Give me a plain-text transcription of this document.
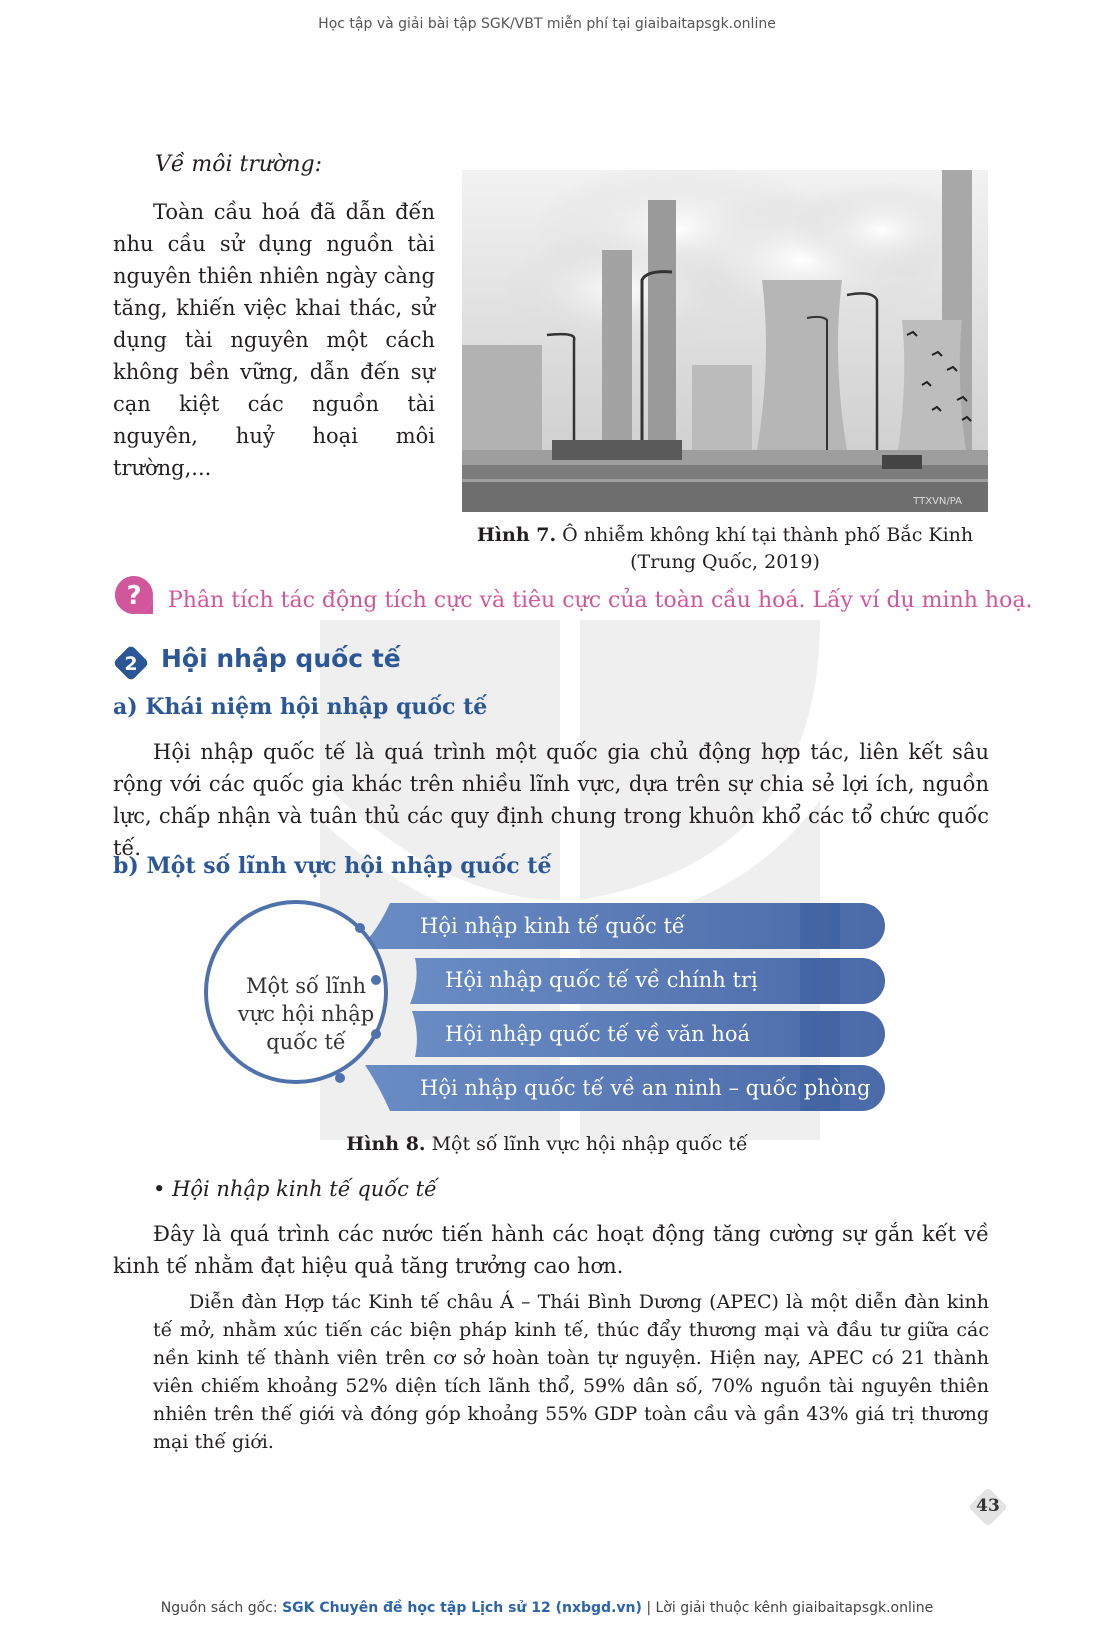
Học tập và giải bài tập SGK/VBT miễn phí tại giaibaitapsgk.online
Về môi trường:
Toàn cầu hoá đã dẫn đến nhu cầu sử dụng nguồn tài nguyên thiên nhiên ngày càng tăng, khiến việc khai thác, sử dụng tài nguyên một cách không bền vững, dẫn đến sự cạn kiệt các nguồn tài nguyên, huỷ hoại môi trường,...
TTXVN/PA
Hình 7. Ô nhiễm không khí tại thành phố Bắc Kinh (Trung Quốc, 2019)
? Phân tích tác động tích cực và tiêu cực của toàn cầu hoá. Lấy ví dụ minh hoạ.
2 Hội nhập quốc tế
a) Khái niệm hội nhập quốc tế
Hội nhập quốc tế là quá trình một quốc gia chủ động hợp tác, liên kết sâu rộng với các quốc gia khác trên nhiều lĩnh vực, dựa trên sự chia sẻ lợi ích, nguồn lực, chấp nhận và tuân thủ các quy định chung trong khuôn khổ các tổ chức quốc tế.
b) Một số lĩnh vực hội nhập quốc tế
Một số lĩnh
vực hội nhập
quốc tế
Hội nhập kinh tế quốc tế
Hội nhập quốc tế về chính trị
Hội nhập quốc tế về văn hoá
Hội nhập quốc tế về an ninh – quốc phòng
Hình 8. Một số lĩnh vực hội nhập quốc tế
• Hội nhập kinh tế quốc tế
Đây là quá trình các nước tiến hành các hoạt động tăng cường sự gắn kết về kinh tế nhằm đạt hiệu quả tăng trưởng cao hơn.
Diễn đàn Hợp tác Kinh tế châu Á – Thái Bình Dương (APEC) là một diễn đàn kinh tế mở, nhằm xúc tiến các biện pháp kinh tế, thúc đẩy thương mại và đầu tư giữa các nền kinh tế thành viên trên cơ sở hoàn toàn tự nguyện. Hiện nay, APEC có 21 thành viên chiếm khoảng 52% diện tích lãnh thổ, 59% dân số, 70% nguồn tài nguyên thiên nhiên trên thế giới và đóng góp khoảng 55% GDP toàn cầu và gần 43% giá trị thương mại thế giới.
43
Nguồn sách gốc: SGK Chuyên đề học tập Lịch sử 12 (nxbgd.vn) | Lời giải thuộc kênh giaibaitapsgk.online
